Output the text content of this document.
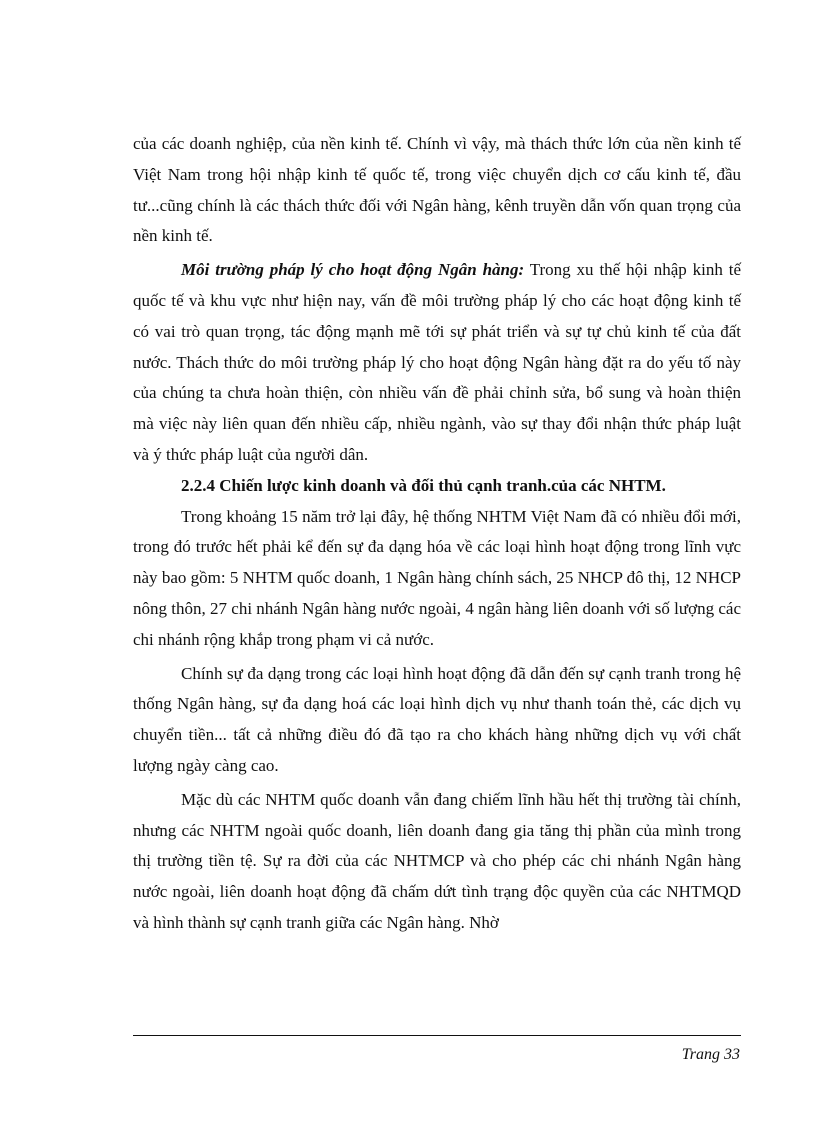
của các doanh nghiệp, của nền kinh tế. Chính vì vậy, mà thách thức lớn của nền kinh tế Việt Nam trong hội nhập kinh tế quốc tế, trong việc chuyển dịch cơ cấu kinh tế, đầu tư...cũng chính là các thách thức đối với Ngân hàng, kênh truyền dẫn vốn quan trọng của nền kinh tế.

Môi trường pháp lý cho hoạt động Ngân hàng: Trong xu thế hội nhập kinh tế quốc tế và khu vực như hiện nay, vấn đề môi trường pháp lý cho các hoạt động kinh tế có vai trò quan trọng, tác động mạnh mẽ tới sự phát triển và sự tự chủ kinh tế của đất nước. Thách thức do môi trường pháp lý cho hoạt động Ngân hàng đặt ra do yếu tố này của chúng ta chưa hoàn thiện, còn nhiều vấn đề phải chỉnh sửa, bổ sung và hoàn thiện mà việc này liên quan đến nhiều cấp, nhiều ngành, vào sự thay đổi nhận thức pháp luật và ý thức pháp luật của người dân.

2.2.4 Chiến lược kinh doanh và đối thủ cạnh tranh.của các NHTM.

Trong khoảng 15 năm trở lại đây, hệ thống NHTM Việt Nam đã có nhiều đổi mới, trong đó trước hết phải kể đến sự đa dạng hóa về các loại hình hoạt động trong lĩnh vực này bao gồm: 5 NHTM quốc doanh, 1 Ngân hàng chính sách, 25 NHCP đô thị, 12 NHCP nông thôn, 27 chi nhánh Ngân hàng nước ngoài, 4 ngân hàng liên doanh với số lượng các chi nhánh rộng khắp trong phạm vi cả nước.

Chính sự đa dạng trong các loại hình hoạt động đã dẫn đến sự cạnh tranh trong hệ thống Ngân hàng, sự đa dạng hoá các loại hình dịch vụ như thanh toán thẻ, các dịch vụ chuyển tiền... tất cả những điều đó đã tạo ra cho khách hàng những dịch vụ với chất lượng ngày càng cao.

Mặc dù các NHTM quốc doanh vẫn đang chiếm lĩnh hầu hết thị trường tài chính, nhưng các NHTM ngoài quốc doanh, liên doanh đang gia tăng thị phần của mình trong thị trường tiền tệ. Sự ra đời của các NHTMCP và cho phép các chi nhánh Ngân hàng nước ngoài, liên doanh hoạt động đã chấm dứt tình trạng độc quyền của các NHTMQD và hình thành sự cạnh tranh giữa các Ngân hàng. Nhờ

Trang 33
